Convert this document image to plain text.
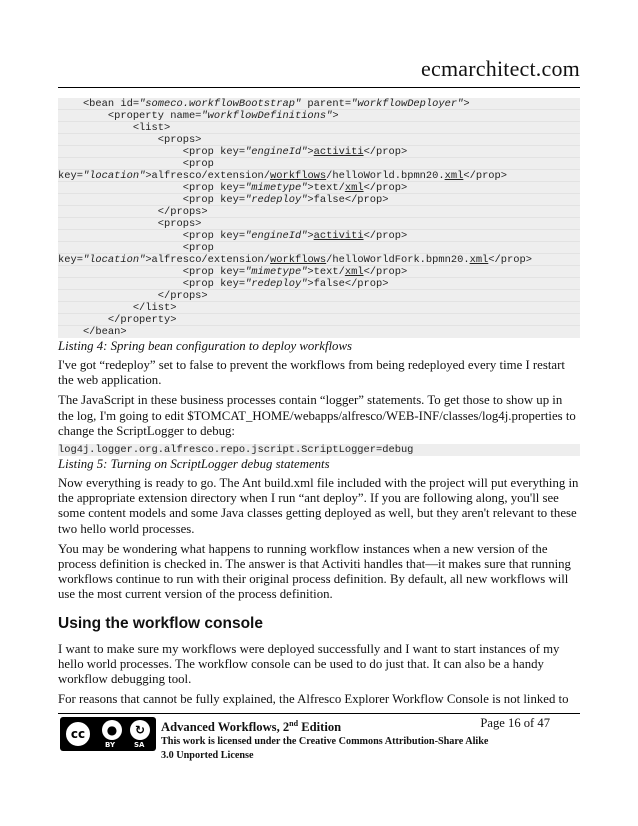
ecmarchitect.com
<bean id="someco.workflowBootstrap" parent="workflowDeployer">
<property name="workflowDefinitions">
<list>
<props>
<prop key="engineId">activiti</prop>
<prop
key="location">alfresco/extension/workflows/helloWorld.bpmn20.xml</prop>
<prop key="mimetype">text/xml</prop>
<prop key="redeploy">false</prop>
</props>
<props>
<prop key="engineId">activiti</prop>
<prop
key="location">alfresco/extension/workflows/helloWorldFork.bpmn20.xml</prop>
<prop key="mimetype">text/xml</prop>
<prop key="redeploy">false</prop>
</props>
</list>
</property>
</bean>
Listing 4: Spring bean configuration to deploy workflows

I've got “redeploy” set to false to prevent the workflows from being redeployed every time I restart the web application.

The JavaScript in these business processes contain “logger” statements. To get those to show up in the log, I'm going to edit $TOMCAT_HOME/webapps/alfresco/WEB-INF/classes/log4j.properties to change the ScriptLogger to debug:

log4j.logger.org.alfresco.repo.jscript.ScriptLogger=debug
Listing 5: Turning on ScriptLogger debug statements

Now everything is ready to go. The Ant build.xml file included with the project will put everything in the appropriate extension directory when I run “ant deploy”. If you are following along, you'll see some content models and some Java classes getting deployed as well, but they aren't relevant to these two hello world processes.

You may be wondering what happens to running workflow instances when a new version of the process definition is checked in. The answer is that Activiti handles that—it makes sure that running workflows continue to run with their original process definition. By default, all new workflows will use the most current version of the process definition.

Using the workflow console

I want to make sure my workflows were deployed successfully and I want to start instances of my hello world processes. The workflow console can be used to do just that. It can also be a handy workflow debugging tool.

For reasons that cannot be fully explained, the Alfresco Explorer Workflow Console is not linked to

cc	●	↻
BY	SA
Advanced Workflows, 2nd Edition	Page 16 of 47
This work is licensed under the Creative Commons Attribution-Share Alike 3.0 Unported License
